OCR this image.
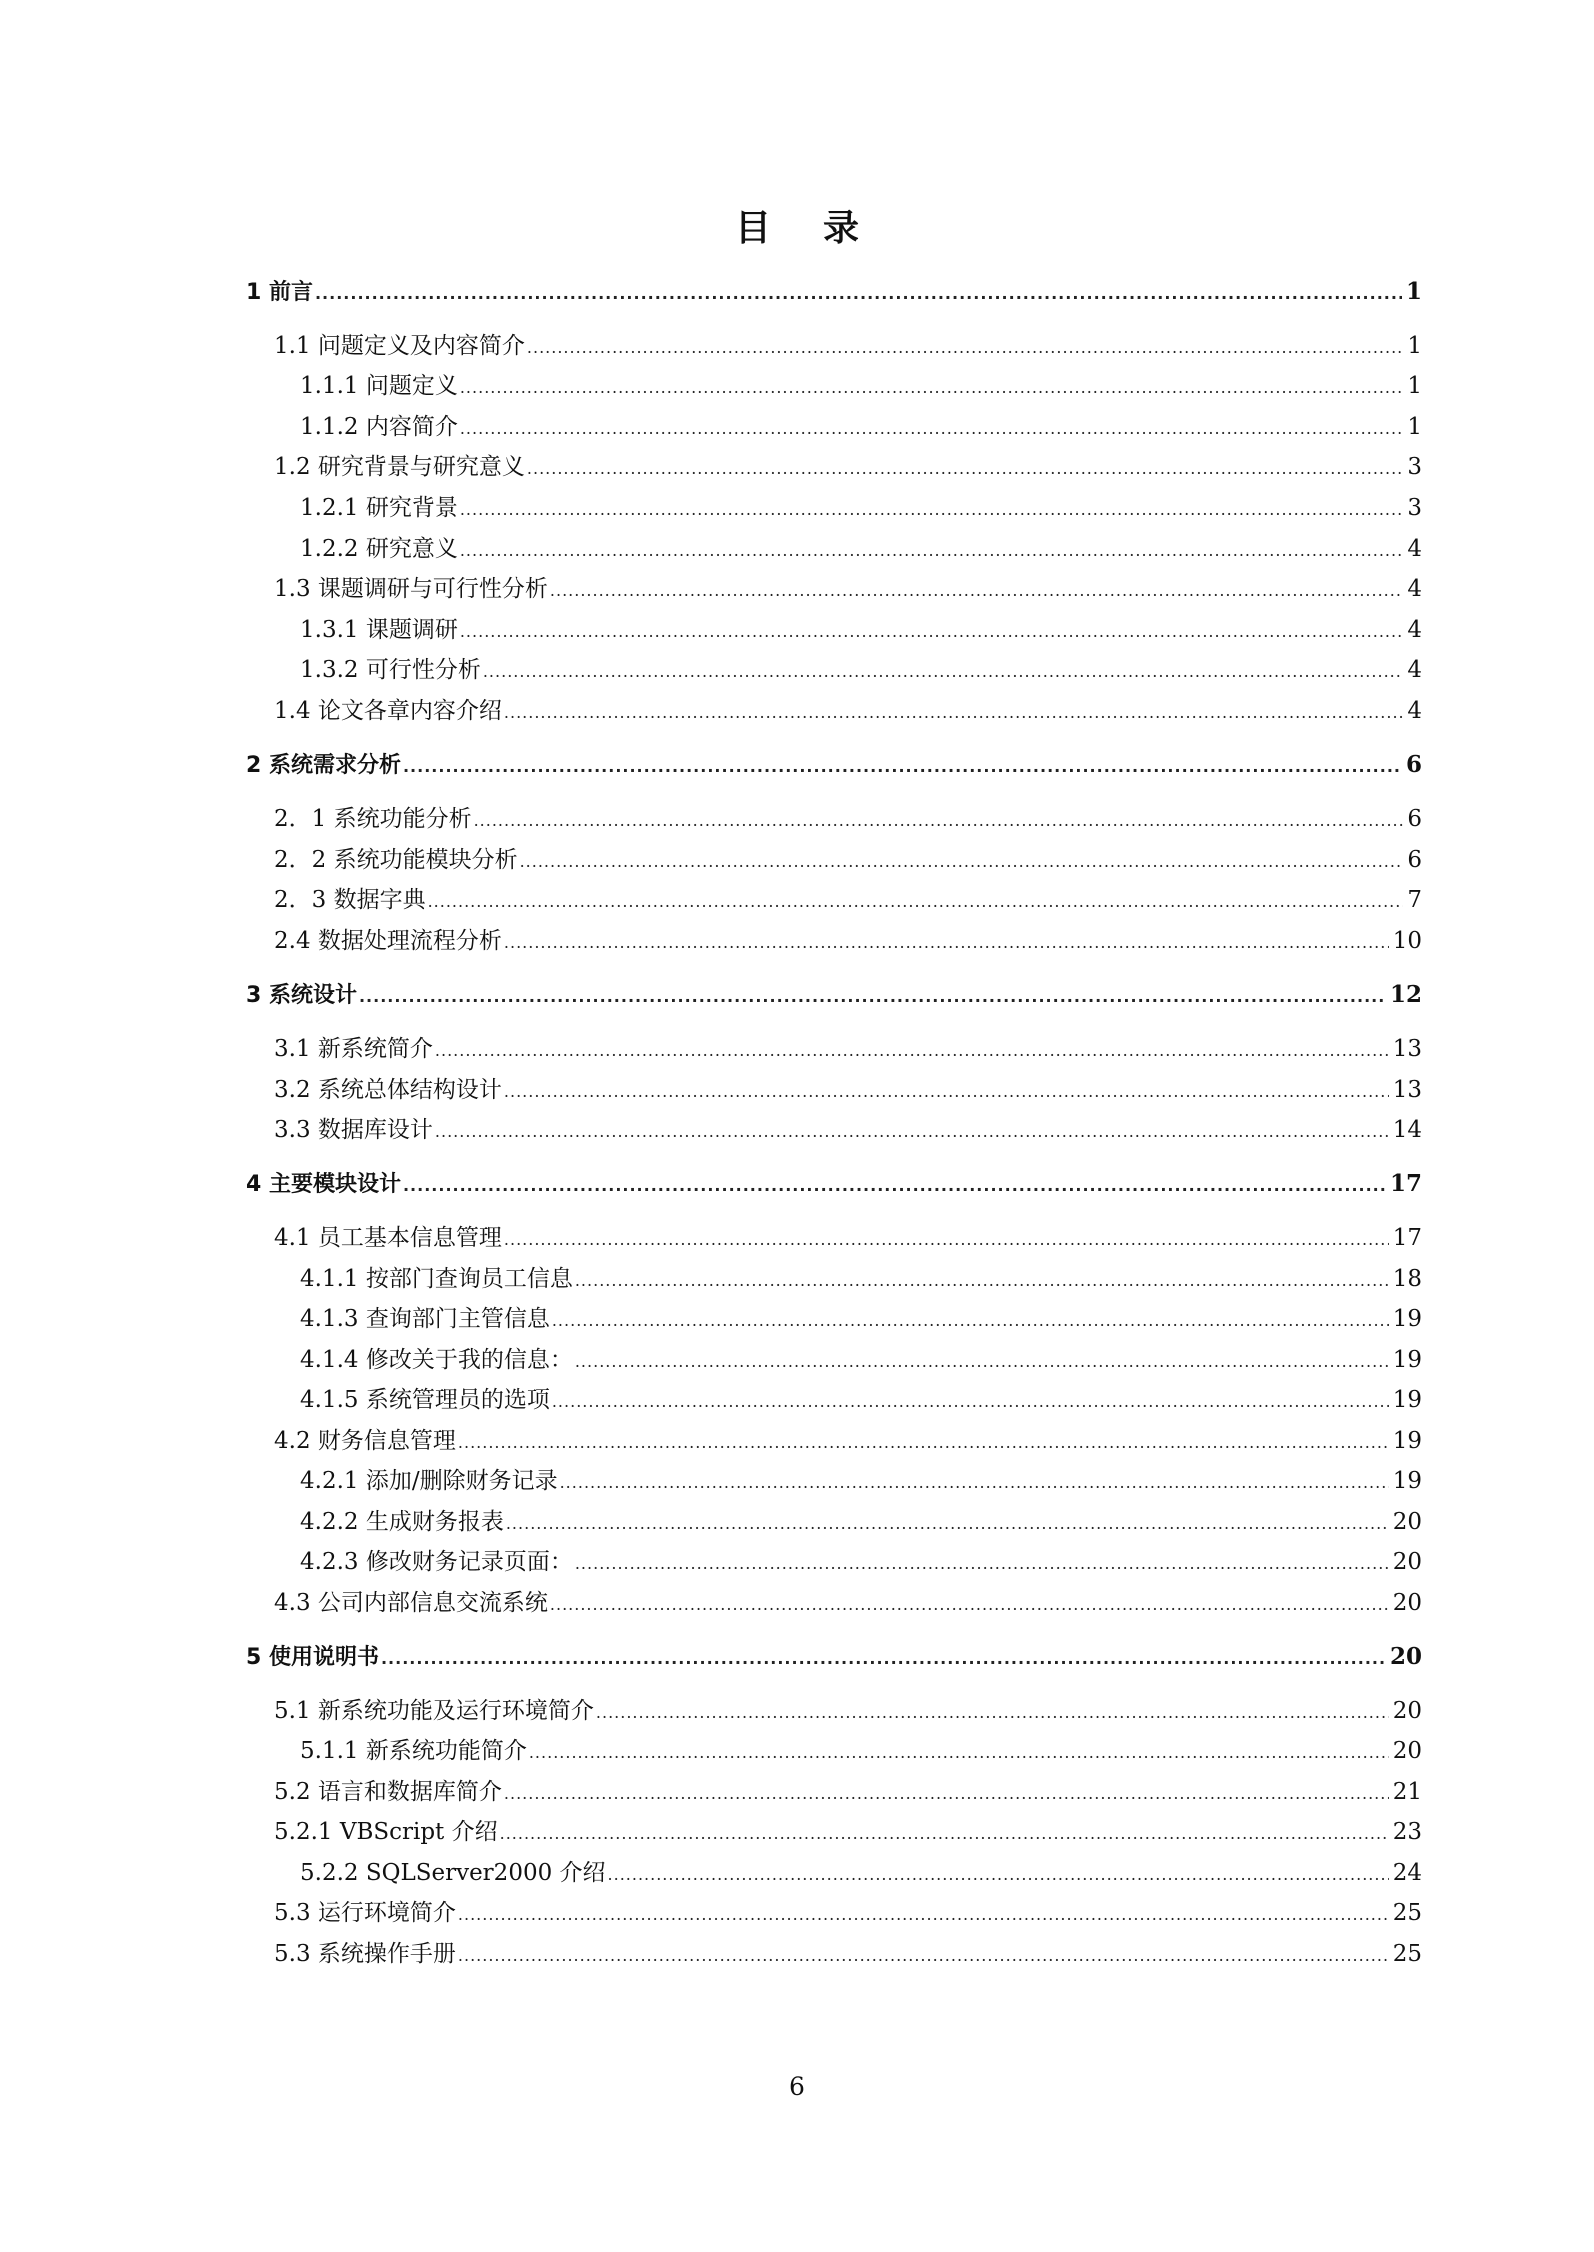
目 录
1 前言 .....	1
1.1 问题定义及内容简介 .....	1
1.1.1 问题定义 .....	1
1.1.2 内容简介 .....	1
1.2 研究背景与研究意义 .....	3
1.2.1 研究背景 .....	3
1.2.2 研究意义 .....	4
1.3 课题调研与可行性分析 .....	4
1.3.1 课题调研 .....	4
1.3.2 可行性分析 .....	4
1.4 论文各章内容介绍 .....	4
2 系统需求分析 .....	6
2．1 系统功能分析 .....	6
2．2 系统功能模块分析 .....	6
2．3 数据字典 .....	7
2.4 数据处理流程分析 .....	10
3 系统设计 .....	12
3.1 新系统简介 .....	13
3.2 系统总体结构设计 .....	13
3.3 数据库设计 .....	14
4 主要模块设计 .....	17
4.1 员工基本信息管理 .....	17
4.1.1 按部门查询员工信息 .....	18
4.1.3 查询部门主管信息 .....	19
4.1.4 修改关于我的信息： .....	19
4.1.5 系统管理员的选项 .....	19
4.2 财务信息管理 .....	19
4.2.1 添加/删除财务记录 .....	19
4.2.2 生成财务报表 .....	20
4.2.3 修改财务记录页面： .....	20
4.3 公司内部信息交流系统 .....	20
5 使用说明书 .....	20
5.1 新系统功能及运行环境简介 .....	20
5.1.1 新系统功能简介 .....	20
5.2 语言和数据库简介 .....	21
5.2.1 VBScript 介绍 .....	23
5.2.2 SQLServer2000 介绍 .....	24
5.3 运行环境简介 .....	25
5.3 系统操作手册 .....	25
6
